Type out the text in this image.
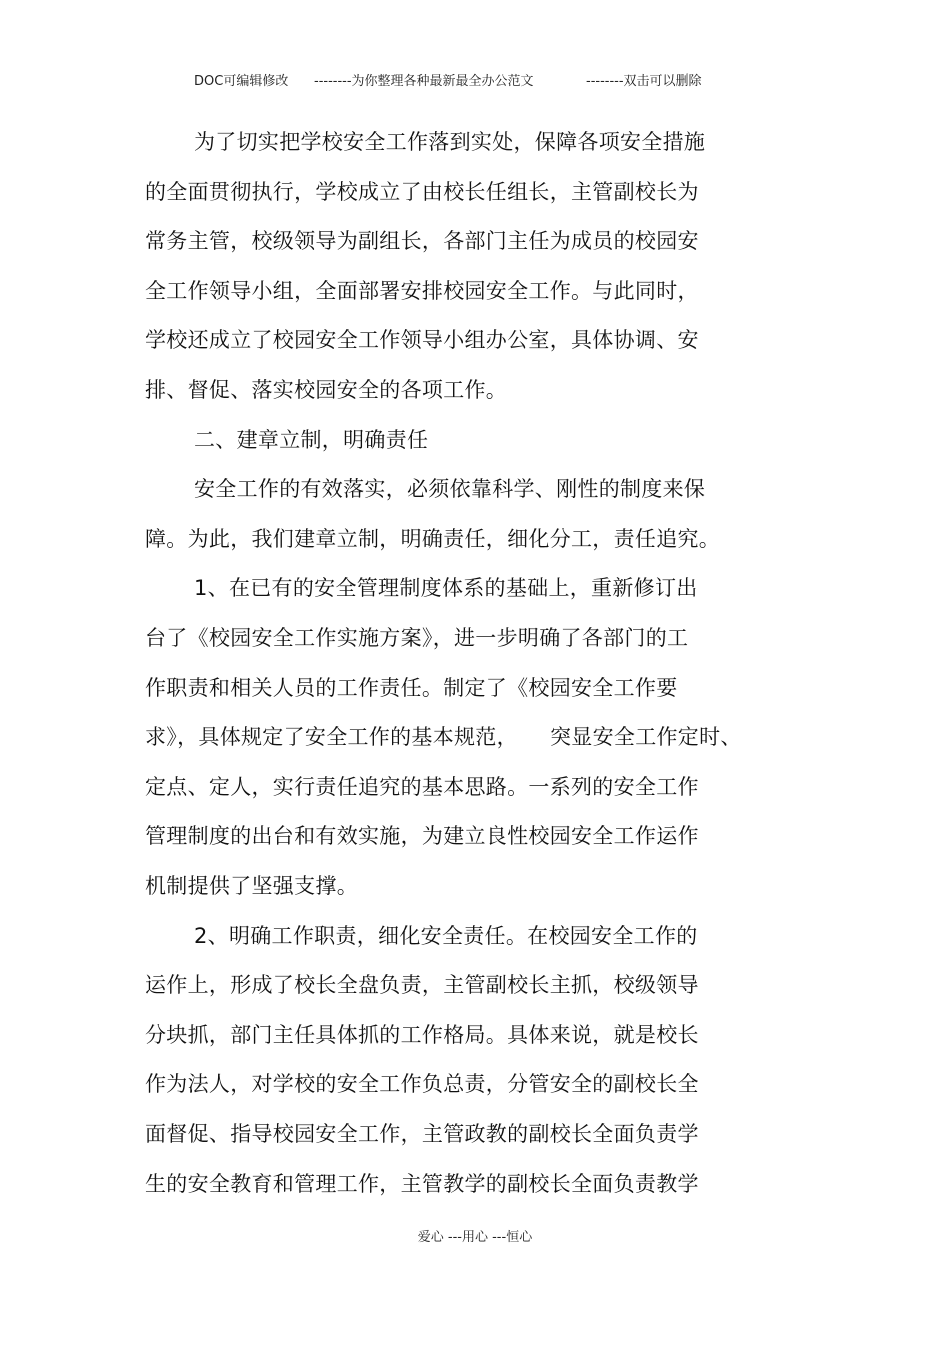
DOC可编辑修改 --------为你整理各种最新最全办公范文	--------双击可以删除
为了切实把学校安全工作落到实处，保障各项安全措施
的全面贯彻执行，学校成立了由校长任组长，主管副校长为
常务主管，校级领导为副组长，各部门主任为成员的校园安
全工作领导小组，全面部署安排校园安全工作。与此同时，
学校还成立了校园安全工作领导小组办公室，具体协调、安
排、督促、落实校园安全的各项工作。
二、建章立制，明确责任
安全工作的有效落实，必须依靠科学、刚性的制度来保
障。为此，我们建章立制，明确责任，细化分工，责任追究。
1、在已有的安全管理制度体系的基础上，重新修订出
台了《校园安全工作实施方案》，进一步明确了各部门的工
作职责和相关人员的工作责任。制定了《校园安全工作要
求》，具体规定了安全工作的基本规范，　　突显安全工作定时、
定点、定人，实行责任追究的基本思路。一系列的安全工作
管理制度的出台和有效实施，为建立良性校园安全工作运作
机制提供了坚强支撑。
2、明确工作职责，细化安全责任。在校园安全工作的
运作上，形成了校长全盘负责，主管副校长主抓，校级领导
分块抓，部门主任具体抓的工作格局。具体来说，就是校长
作为法人，对学校的安全工作负总责，分管安全的副校长全
面督促、指导校园安全工作，主管政教的副校长全面负责学
生的安全教育和管理工作，主管教学的副校长全面负责教学
爱心 ---用心 ---恒心
